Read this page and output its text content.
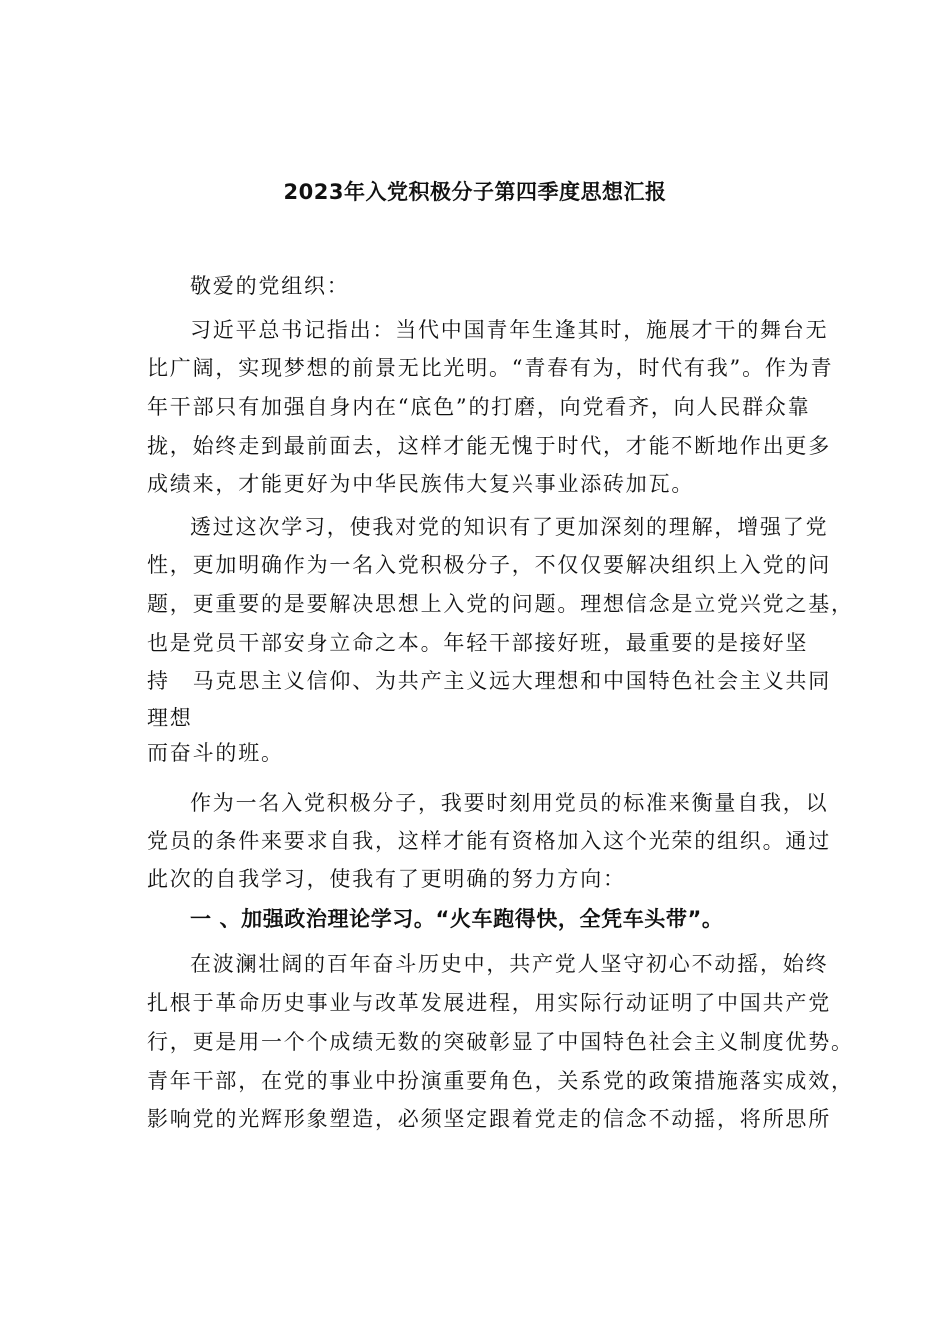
2023年入党积极分子第四季度思想汇报
敬爱的党组织：
习近平总书记指出：当代中国青年生逢其时，施展才干的舞台无
比广阔，实现梦想的前景无比光明。“青春有为，时代有我”。作为青
年干部只有加强自身内在“底色”的打磨，向党看齐，向人民群众靠
拢，始终走到最前面去，这样才能无愧于时代，才能不断地作出更多
成绩来，才能更好为中华民族伟大复兴事业添砖加瓦。
透过这次学习，使我对党的知识有了更加深刻的理解，增强了党
性，更加明确作为一名入党积极分子，不仅仅要解决组织上入党的问
题，更重要的是要解决思想上入党的问题。理想信念是立党兴党之基，
也是党员干部安身立命之本。年轻干部接好班，最重要的是接好坚
持　马克思主义信仰、为共产主义远大理想和中国特色社会主义共同
理想
而奋斗的班。
作为一名入党积极分子，我要时刻用党员的标准来衡量自我，以
党员的条件来要求自我，这样才能有资格加入这个光荣的组织。通过
此次的自我学习，使我有了更明确的努力方向：
一 、加强政治理论学习。“火车跑得快，全凭车头带”。
在波澜壮阔的百年奋斗历史中，共产党人坚守初心不动摇，始终
扎根于革命历史事业与改革发展进程，用实际行动证明了中国共产党
行，更是用一个个成绩无数的突破彰显了中国特色社会主义制度优势。
青年干部，在党的事业中扮演重要角色，关系党的政策措施落实成效，
影响党的光辉形象塑造，必须坚定跟着党走的信念不动摇，将所思所
